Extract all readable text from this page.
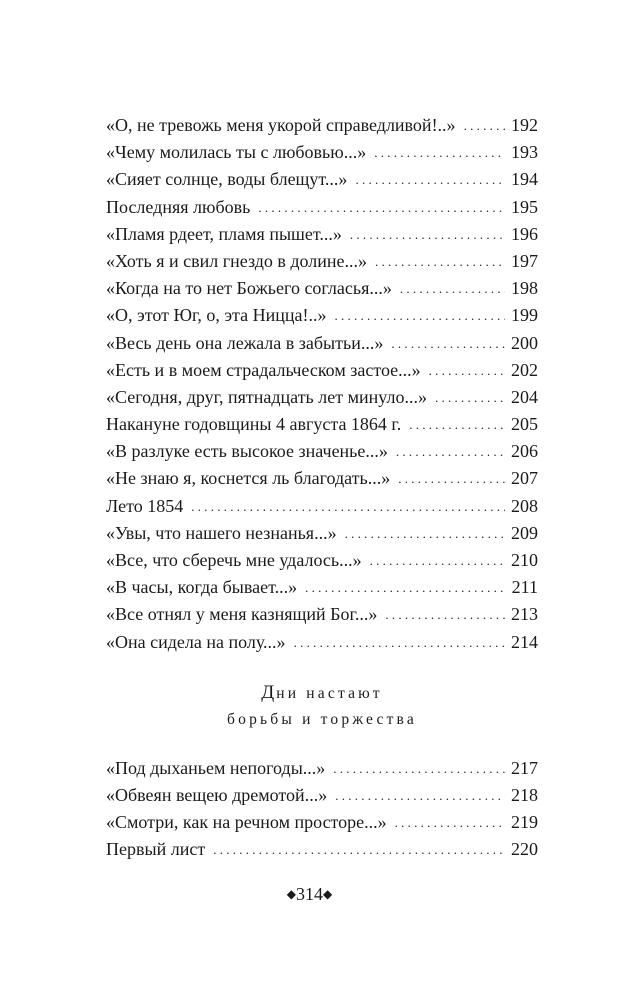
«О, не тревожь меня укорой справедливой!..» . . .	192
«Чему молилась ты с любовью...» . . .	193
«Сияет солнце, воды блещут...» . . .	194
Последняя любовь . . .	195
«Пламя рдеет, пламя пышет...» . . .	196
«Хоть я и свил гнездо в долине...» . . .	197
«Когда на то нет Божьего согласья...» . . .	198
«О, этот Юг, о, эта Ницца!..» . . .	199
«Весь день она лежала в забытьи...» . . .	200
«Есть и в моем страдальческом застое...» . . .	202
«Сегодня, друг, пятнадцать лет минуло...» . . .	204
Накануне годовщины 4 августа 1864 г. . . .	205
«В разлуке есть высокое значенье...» . . .	206
«Не знаю я, коснется ль благодать...» . . .	207
Лето 1854 . . .	208
«Увы, что нашего незнанья...» . . .	209
«Все, что сберечь мне удалось...» . . .	210
«В часы, когда бывает...» . . .	211
«Все отнял у меня казнящий Бог...» . . .	213
«Она сидела на полу...» . . .	214
Дни настают
борьбы и торжества
«Под дыханьем непогоды...» . . .	217
«Обвеян вещею дремотой...» . . .	218
«Смотри, как на речном просторе...» . . .	219
Первый лист . . .	220
◆314◆
